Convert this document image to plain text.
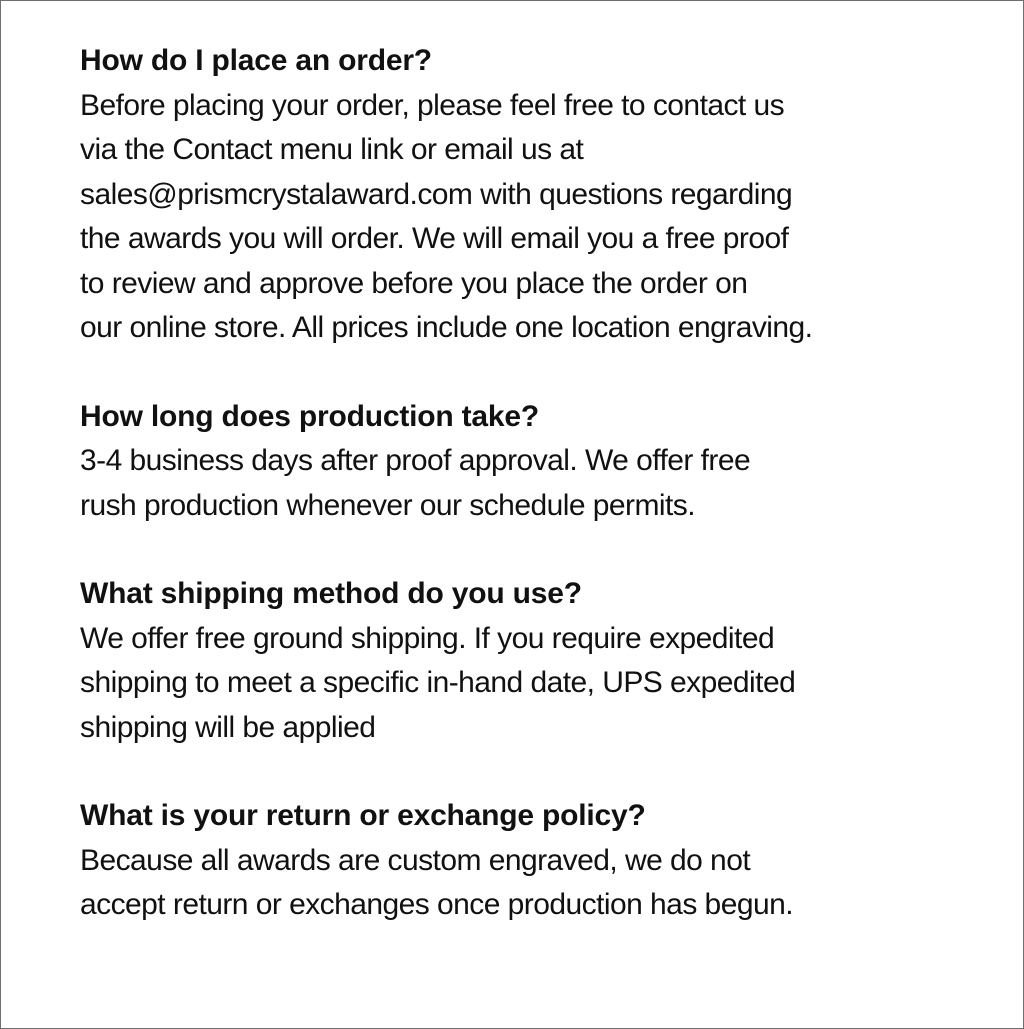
How do I place an order?

Before placing your order, please feel free to contact us

via the Contact menu link or email us at

sales@prismcrystalaward.com with questions regarding

the awards you will order. We will email you a free proof

to review and approve before you place the order on

our online store. All prices include one location engraving.

How long does production take?

3-4 business days after proof approval. We offer free

rush production whenever our schedule permits.

What shipping method do you use?

We offer free ground shipping. If you require expedited

shipping to meet a specific in-hand date, UPS expedited

shipping will be applied

What is your return or exchange policy?

Because all awards are custom engraved, we do not

accept return or exchanges once production has begun.
